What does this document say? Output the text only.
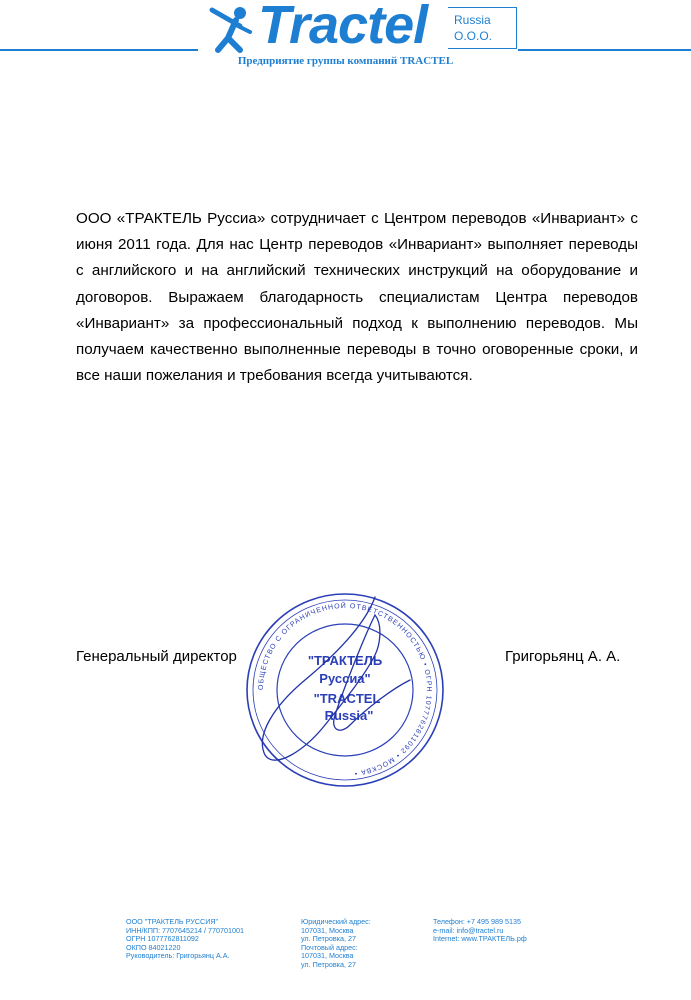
Tractel Russia
O.O.O.
Предприятие группы компаний TRACTEL
ООО «ТРАКТЕЛЬ Руссиа» сотрудничает с Центром переводов «Инвариант» с июня 2011 года. Для нас Центр переводов «Инвариант» выполняет переводы с английского и на английский технических инструкций на оборудование и договоров. Выражаем благодарность специалистам Центра переводов «Инвариант» за профессиональный подход к выполнению переводов. Мы получаем качественно выполненные переводы в точно оговоренные сроки, и все наши пожелания и требования всегда учитываются.
ОБЩЕСТВО С ОГРАНИЧЕННОЙ ОТВЕТСТВЕННОСТЬЮ • ОГРН 1077762811092 • МОСКВА •
"ТРАКТЕЛЬ
Руссиа"
"TRACTEL
Russia"
Генеральный директор	Григорьянц А. А.
ООО "ТРАКТЕЛЬ РУССИЯ"
ИНН/КПП: 7707645214 / 770701001
ОГРН 1077762811092
ОКПО 84021220
Руководитель: Григорьянц А.А.
Юридический адрес:
107031, Москва
ул. Петровка, 27
Почтовый адрес:
107031, Москва
ул. Петровка, 27
Телефон: +7 495 989 5135
e-mail: info@tractel.ru
Internet: www.ТРАКТЕЛЬ.рф
